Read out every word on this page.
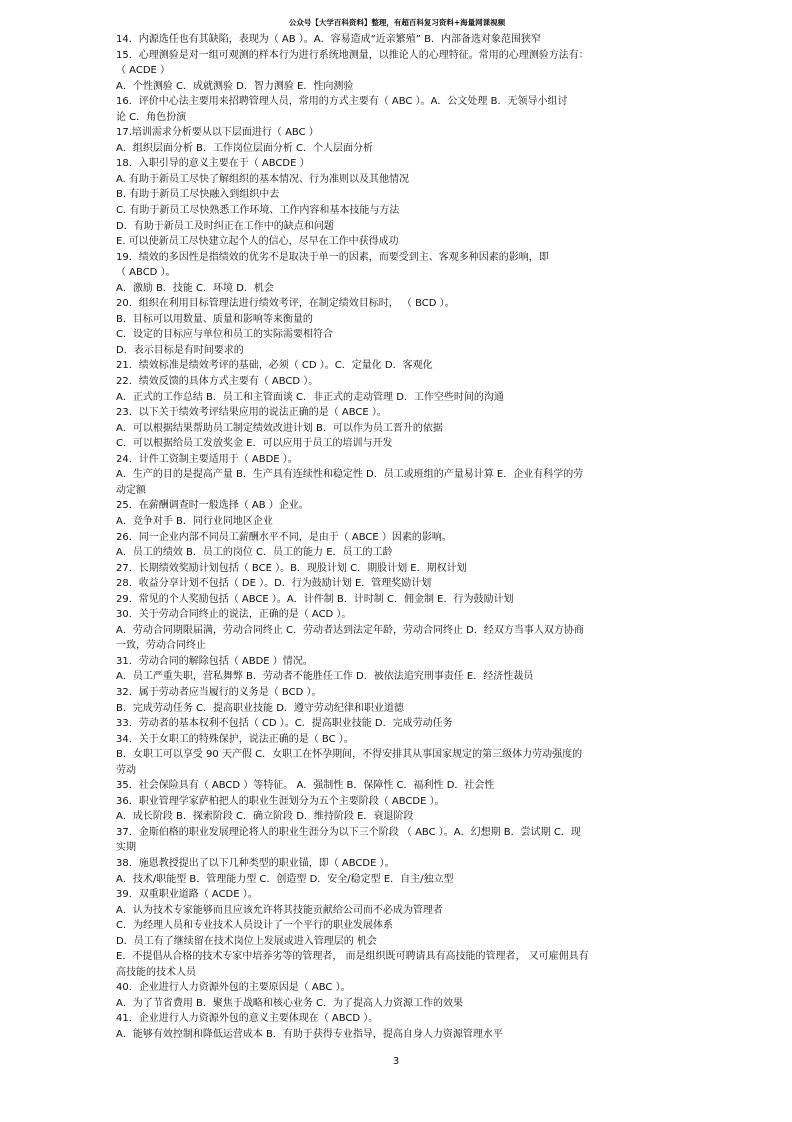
公众号【大学百科资料】整理，有超百科复习资料+海量网课视频
14．内源选任也有其缺陷，表现为（ AB ）。A．容易造成“近亲繁殖” B．内部备选对象范围狭窄
15．心理测验是对一组可观测的样本行为进行系统地测量，以推论人的心理特征。常用的心理测验方法有：
（ ACDE ）
A．个性测验 C．成就测验 D．智力测验 E．性向测验
16．评价中心法主要用来招聘管理人员，常用的方式主要有（ ABC ）。A．公文处理 B．无领导小组讨
论 C．角色扮演
17.培训需求分析要从以下层面进行（ ABC ）
A．组织层面分析 B．工作岗位层面分析 C．个人层面分析
18．入职引导的意义主要在于（ ABCDE ）
A. 有助于新员工尽快了解组织的基本情况、行为准则以及其他情况
B. 有助于新员工尽快融入到组织中去
C. 有助于新员工尽快熟悉工作环境、工作内容和基本技能与方法
D．有助于新员工及时纠正在工作中的缺点和问题
E. 可以使新员工尽快建立起个人的信心，尽早在工作中获得成功
19．绩效的多因性是指绩效的优劣不是取决于单一的因素，而要受到主、客观多种因素的影响，即
（ ABCD ）。
A．激励 B．技能 C．环境 D．机会
20．组织在利用目标管理法进行绩效考评，在制定绩效目标时， （ BCD ）。
B．目标可以用数量、质量和影响等来衡量的
C．设定的目标应与单位和员工的实际需要相符合
D．表示目标是有时间要求的
21．绩效标准是绩效考评的基础，必须（ CD ）。C．定量化 D．客观化
22．绩效反馈的具体方式主要有（ ABCD ）。
A．正式的工作总结 B．员工和主管面谈 C．非正式的走动管理 D．工作空些时间的沟通
23．以下关于绩效考评结果应用的说法正确的是（ ABCE ）。
A．可以根据结果帮助员工制定绩效改进计划 B．可以作为员工晋升的依据
C．可以根据给员工发放奖金 E．可以应用于员工的培训与开发
24．计件工资制主要适用于（ ABDE ）。
A．生产的目的是提高产量 B．生产具有连续性和稳定性 D．员工或班组的产量易计算 E．企业有科学的劳
动定额
25．在薪酬调查时一般选择（ AB ）企业。
A．竞争对手 B．同行业同地区企业
26．同一企业内部不同员工薪酬水平不同，是由于（ ABCE ）因素的影响。
A．员工的绩效 B．员工的岗位 C．员工的能力 E．员工的工龄
27．长期绩效奖励计划包括（ BCE ）。B．现股计划 C．期股计划 E．期权计划
28．收益分享计划不包括（ DE ）。D．行为鼓励计划 E．管理奖励计划
29．常见的个人奖励包括（ ABCE ）。A．计件制 B．计时制 C．佣金制 E．行为鼓励计划
30．关于劳动合同终止的说法，正确的是（ ACD ）。
A．劳动合同期限届满，劳动合同终止 C．劳动者达到法定年龄，劳动合同终止 D．经双方当事人双方协商
一致，劳动合同终止
31．劳动合同的解除包括（ ABDE ）情况。
A．员工严重失职，营私舞弊 B．劳动者不能胜任工作 D．被依法追究刑事责任 E．经济性裁员
32．属于劳动者应当履行的义务是（ BCD ）。
B．完成劳动任务 C．提高职业技能 D．遵守劳动纪律和职业道德
33．劳动者的基本权利不包括（ CD ）。C．提高职业技能 D．完成劳动任务
34．关于女职工的特殊保护，说法正确的是（ BC ）。
B．女职工可以享受 90 天产假 C．女职工在怀孕期间，不得安排其从事国家规定的第三级体力劳动强度的
劳动
35．社会保险具有（ ABCD ）等特征。 A．强制性 B．保障性 C．福利性 D．社会性
36．职业管理学家萨柏把人的职业生涯划分为五个主要阶段（ ABCDE ）。
A．成长阶段 B．探索阶段 C．确立阶段 D．维持阶段 E．衰退阶段
37．金斯伯格的职业发展理论将人的职业生涯分为以下三个阶段 （ ABC ）。A．幻想期 B．尝试期 C．现
实期
38．施恩教授提出了以下几种类型的职业锚，即（ ABCDE ）。
A．技术/职能型 B．管理能力型 C．创造型 D．安全/稳定型 E．自主/独立型
39．双重职业道路（ ACDE ）。
A．认为技术专家能够而且应该允许将其技能贡献给公司而不必成为管理者
C．为经理人员和专业技术人员设计了一个平行的职业发展体系
D．员工有了继续留在技术岗位上发展或进入管理层的 机会
E．不提倡从合格的技术专家中培养劣等的管理者， 而是组织既可聘请具有高技能的管理者， 又可雇佣具有
高技能的技术人员
40．企业进行人力资源外包的主要原因是（ ABC ）。
A．为了节省费用 B．聚焦于战略和核心业务 C．为了提高人力资源工作的效果
41．企业进行人力资源外包的意义主要体现在（ ABCD ）。
A．能够有效控制和降低运营成本 B．有助于获得专业指导，提高自身人力资源管理水平
3
